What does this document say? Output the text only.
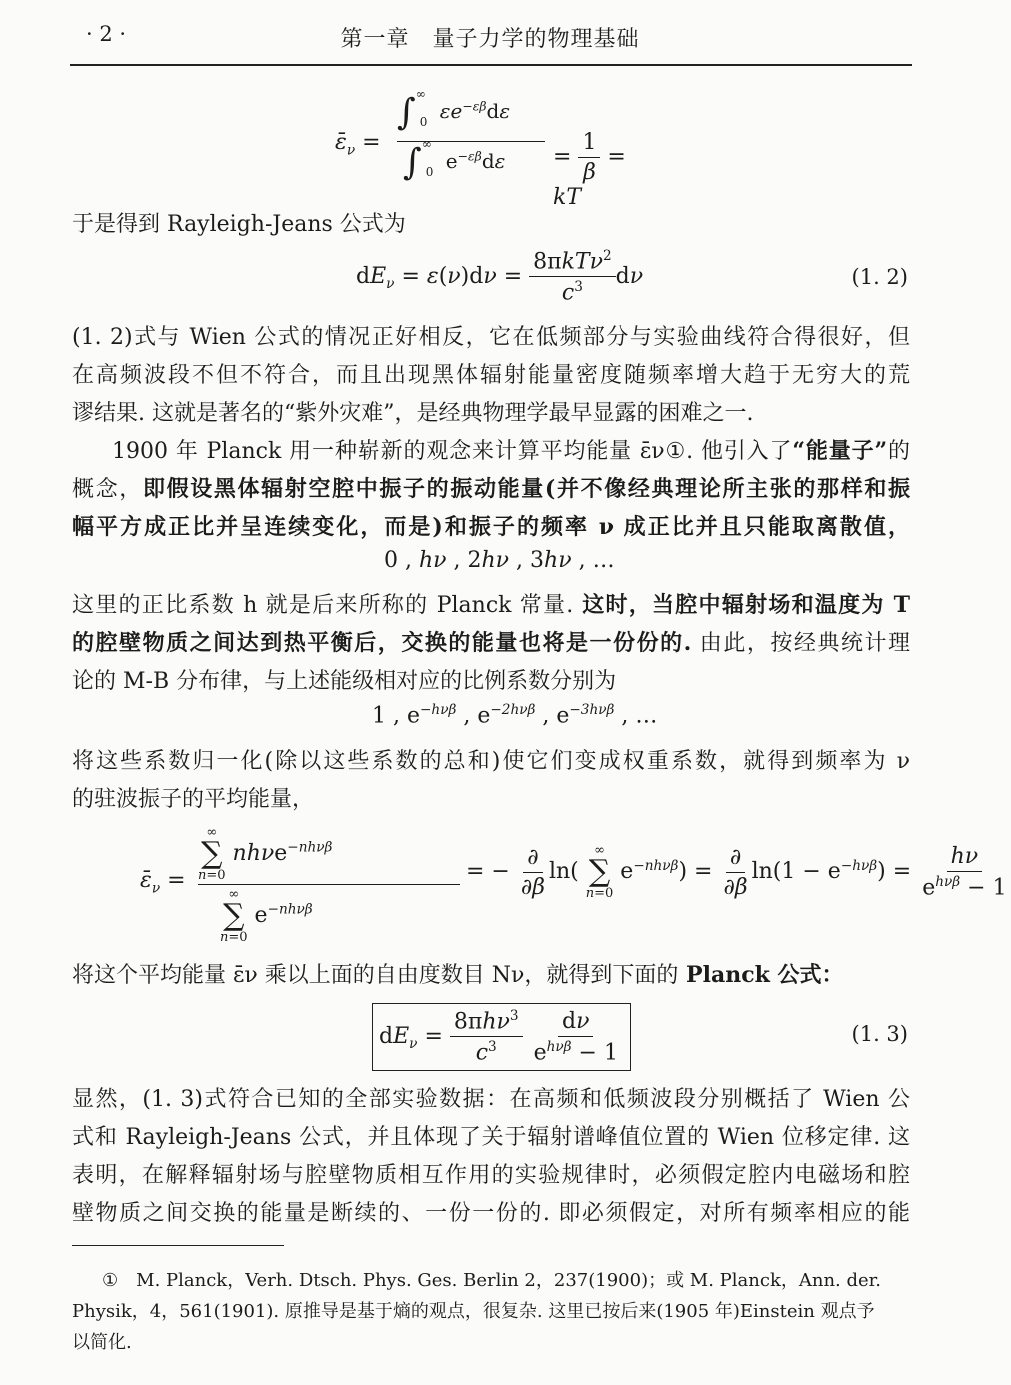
· 2 ·	第一章　量子力学的物理基础
$\varepsilon̄_\nu$ =
$\int^\infty_0$ $\varepsilon e^{-\varepsilon\beta}d\varepsilon$
$\int^\infty_0$ $e^{-\varepsilon\beta}d\varepsilon = \frac{1}{\beta}$ = kT
于是得到 Rayleigh-Jeans 公式为
$dE_\nu = \varepsilon(\nu)d\nu = \frac{8\pi kT\nu^2}{c^3}$ dν	(1. 2)
(1. 2)式与 Wien 公式的情况正好相反，它在低频部分与实验曲线符合得很好，但
在高频波段不但不符合，而且出现黑体辐射能量密度随频率增大趋于无穷大的荒
谬结果. 这就是著名的“紫外灾难”，是经典物理学最早显露的困难之一.
1900 年 Planck 用一种崭新的观念来计算平均能量 ε̄ν①. 他引入了“能量子”的
概念，即假设黑体辐射空腔中振子的振动能量(并不像经典理论所主张的那样和振
幅平方成正比并呈连续变化，而是)和振子的频率 ν 成正比并且只能取离散值，
0 , hν , 2hν , 3hν , …
这里的正比系数 h 就是后来所称的 Planck 常量. 这时，当腔中辐射场和温度为 T
的腔壁物质之间达到热平衡后，交换的能量也将是一份份的. 由此，按经典统计理
论的 M-B 分布律，与上述能级相对应的比例系数分别为
1 , $e^{-h\nu\beta}$ , $e^{-2h\nu\beta}$ , $e^{-3h\nu\beta}$ , …
将这些系数归一化(除以这些系数的总和)使它们变成权重系数，就得到频率为 ν
的驻波振子的平均能量，
$\varepsilon̄_\nu$ =
∞
∑
n=0
nhνe$^{-nh\nu\beta}$
∞
∑
n=0
$e^{-nh\nu\beta}$
= − $\frac{\partial}{\partial\beta} \ln$(
∞
∑
n=0
$e^{-nh\nu\beta}) = \frac{\partial}{\partial\beta} \ln(1 - e^{-h\nu\beta}) = \frac{h\nu}{e^{h\nu\beta} - 1}$
将这个平均能量 ε̄ν 乘以上面的自由度数目 Nν，就得到下面的 Planck 公式：
$dE_\nu = \frac{8\pi h\nu^3}{c^3}$
$\frac{d\nu}{e^{h\nu\beta} - 1}$	(1. 3)
显然，(1. 3)式符合已知的全部实验数据：在高频和低频波段分别概括了 Wien 公
式和 Rayleigh-Jeans 公式，并且体现了关于辐射谱峰值位置的 Wien 位移定律. 这
表明，在解释辐射场与腔壁物质相互作用的实验规律时，必须假定腔内电磁场和腔
壁物质之间交换的能量是断续的、一份一份的. 即必须假定，对所有频率相应的能
①　M. Planck，Verh. Dtsch. Phys. Ges. Berlin 2，237(1900)；或 M. Planck，Ann. der.
Physik，4，561(1901). 原推导是基于熵的观点，很复杂. 这里已按后来(1905 年)Einstein 观点予
以简化.
